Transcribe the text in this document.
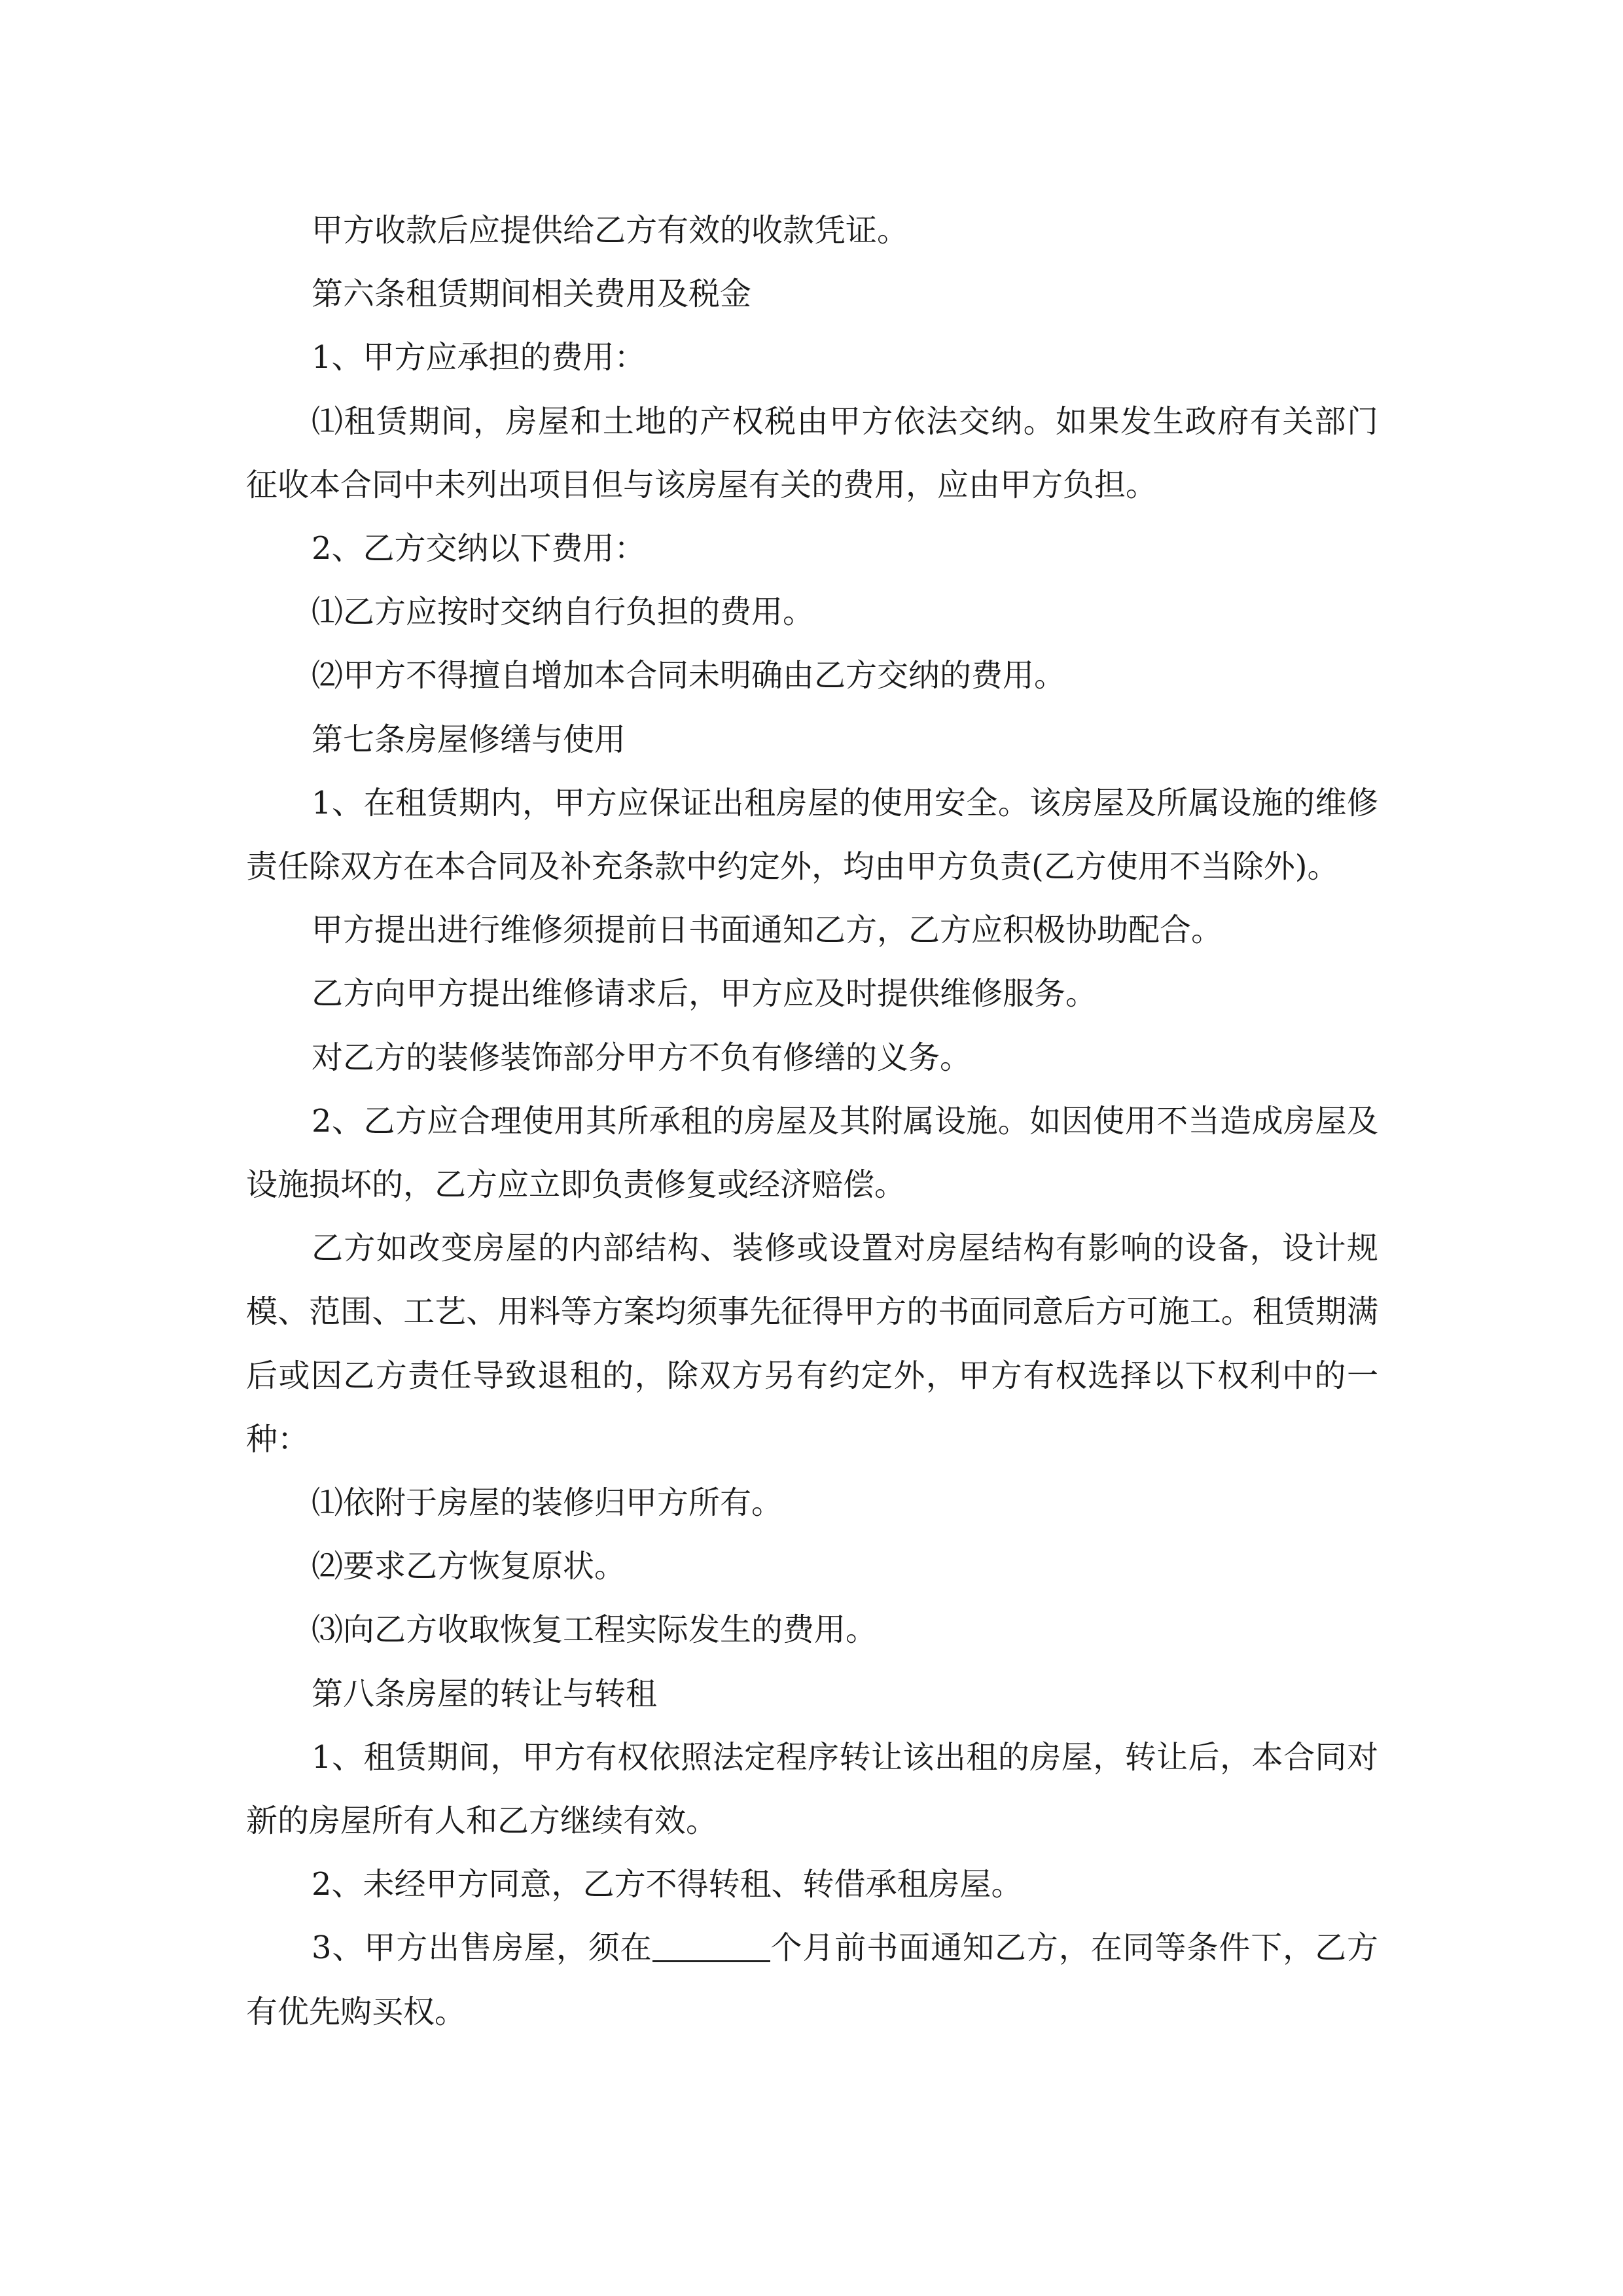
甲方收款后应提供给乙方有效的收款凭证。

第六条租赁期间相关费用及税金

1、甲方应承担的费用：

⑴租赁期间，房屋和土地的产权税由甲方依法交纳。如果发生政府有关部门征收本合同中未列出项目但与该房屋有关的费用，应由甲方负担。

2、乙方交纳以下费用：

⑴乙方应按时交纳自行负担的费用。

⑵甲方不得擅自增加本合同未明确由乙方交纳的费用。

第七条房屋修缮与使用

1、在租赁期内，甲方应保证出租房屋的使用安全。该房屋及所属设施的维修责任除双方在本合同及补充条款中约定外，均由甲方负责(乙方使用不当除外)。

甲方提出进行维修须提前日书面通知乙方，乙方应积极协助配合。

乙方向甲方提出维修请求后，甲方应及时提供维修服务。

对乙方的装修装饰部分甲方不负有修缮的义务。

2、乙方应合理使用其所承租的房屋及其附属设施。如因使用不当造成房屋及设施损坏的，乙方应立即负责修复或经济赔偿。

乙方如改变房屋的内部结构、装修或设置对房屋结构有影响的设备，设计规模、范围、工艺、用料等方案均须事先征得甲方的书面同意后方可施工。租赁期满后或因乙方责任导致退租的，除双方另有约定外，甲方有权选择以下权利中的一种：

⑴依附于房屋的装修归甲方所有。

⑵要求乙方恢复原状。

⑶向乙方收取恢复工程实际发生的费用。

第八条房屋的转让与转租

1、租赁期间，甲方有权依照法定程序转让该出租的房屋，转让后，本合同对新的房屋所有人和乙方继续有效。

2、未经甲方同意，乙方不得转租、转借承租房屋。

3、甲方出售房屋，须在	个月前书面通知乙方，在同等条件下，乙方有优先购买权。
